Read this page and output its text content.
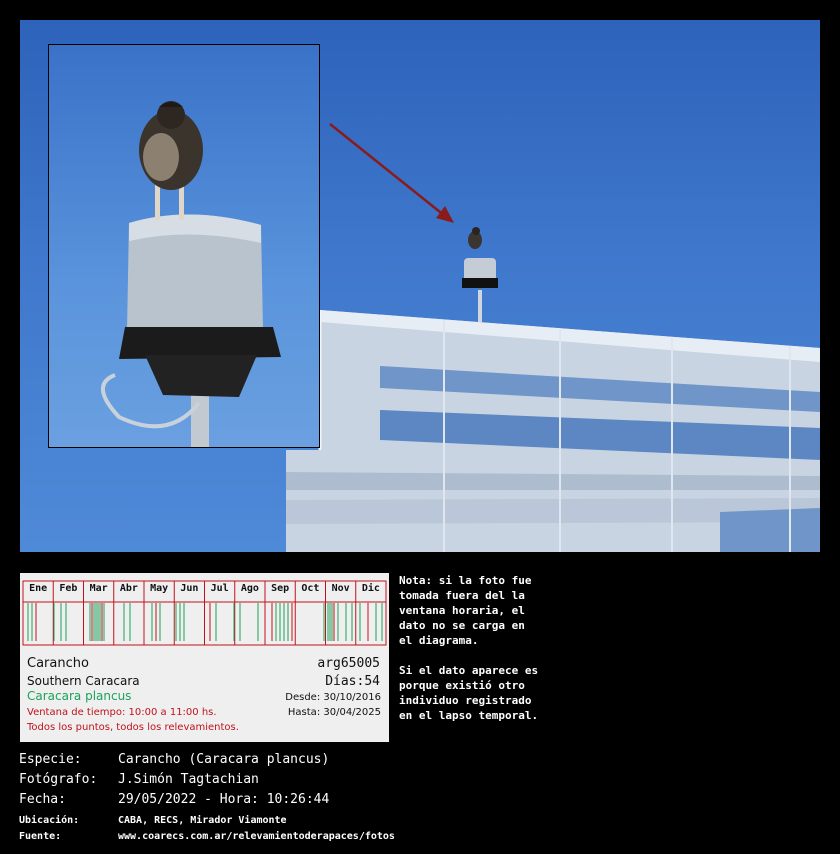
Ene	Feb	Mar	Abr	May	Jun	Jul	Ago	Sep	Oct	Nov	Dic
Carancho
Southern Caracara
Caracara plancus
arg65005
Días:54
Desde: 30/10/2016
Hasta: 30/04/2025
Ventana de tiempo: 10:00 a 11:00 hs.
Todos los puntos, todos los relevamientos.
Nota: si la foto fue
tomada fuera del la
ventana horaria, el
dato no se carga en
el diagrama.

Si el dato aparece es
porque existió otro
individuo registrado
en el lapso temporal.
Especie:	Carancho (Caracara plancus)
Fotógrafo: J.Simón Tagtachian
Fecha:	29/05/2022 - Hora: 10:26:44
Ubicación:	CABA, RECS, Mirador Viamonte
Fuente:	www.coarecs.com.ar/relevamientoderapaces/fotos
